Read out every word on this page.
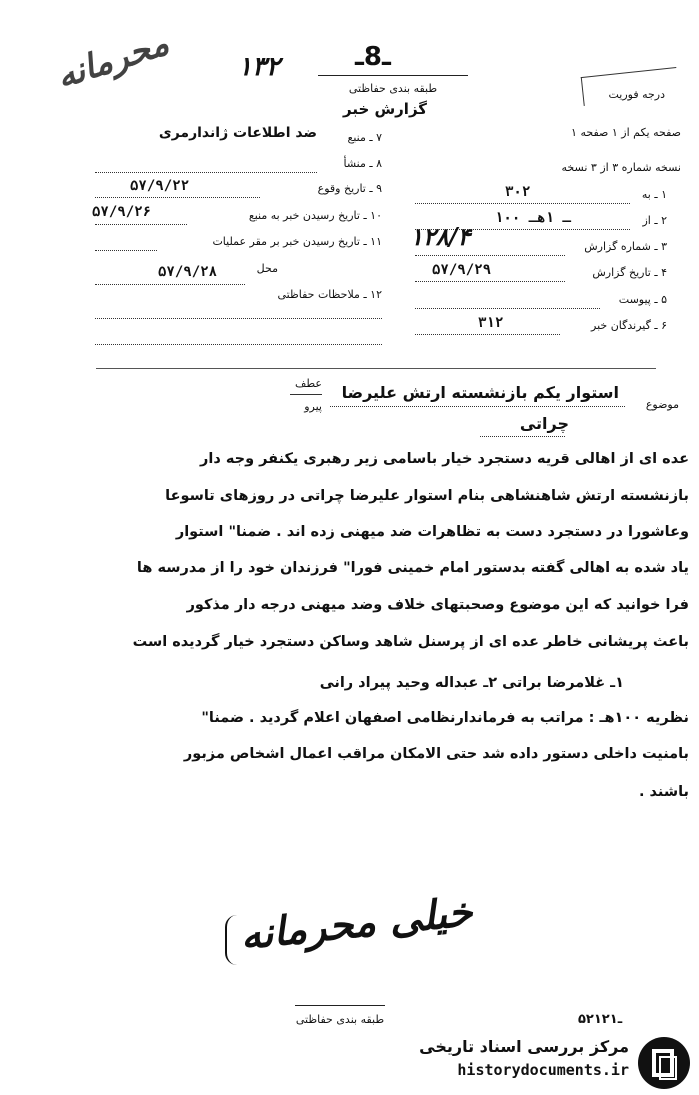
محرمانه ۱۳۲	ـ8ـ
طبقه بندی حفاظتی
گزارش خبر
درجه فوریت
صفحه یکم از ۱ صفحه ۱
نسخه شماره ۳ از ۳ نسخه
۱ ـ به
۳۰۲
۲ ـ از
۱۰۰ ـ ۱هـ
۳ ـ شماره گزارش
۱۲۸/۴
۴ ـ تاریخ گزارش
۵۷/۹/۲۹
۵ ـ پیوست
۶ ـ گیرندگان خبر
۳۱۲
۷ ـ منبع
ضد اطلاعات ژاندارمری
۸ ـ منشأ
۹ ـ تاریخ وقوع
۵۷/۹/۲۲
۱۰ ـ تاریخ رسیدن خبر به منبع
۵۷/۹/۲۶
۱۱ ـ تاریخ رسیدن خبر بر مقر عملیات
محل
۵۷/۹/۲۸
۱۲ ـ ملاحظات حفاظتی
موضوع
عطف
پیرو
استوار یکم بازنشسته ارتش علیرضا
چراتی
عده ای از اهالی قریه دستجرد خیار باسامی زیر رهبری یکنفر وجه دار
بازنشسته ارتش شاهنشاهی بنام استوار علیرضا چراتی در روزهای تاسوعا
وعاشورا در دستجرد دست به تظاهرات ضد میهنی زده اند . ضمنا" استوار
یاد شده به اهالی گفته بدستور امام خمینی فورا" فرزندان خود را از مدرسه ها
فرا خوانید که این موضوع وصحبتهای خلاف وضد میهنی درجه دار مذکور
باعث پریشانی خاطر عده ای از پرسنل شاهد وساکن دستجرد خیار گردیده است
۱ـ غلامرضا براتی ۲ـ عبداله وحید پیراد رانی
نظریه ۱۰۰هـ : مراتب به فرماندارنظامی اصفهان اعلام گردید . ضمنا"
بامنیت داخلی دستور داده شد حتی الامکان مراقب اعمال اشخاص مزبور
باشند .
خیلی محرمانه
طبقه بندی حفاظتی	۵۲ـ۱۲۱
مرکز بررسی اسناد تاریخی
historydocuments.ir
